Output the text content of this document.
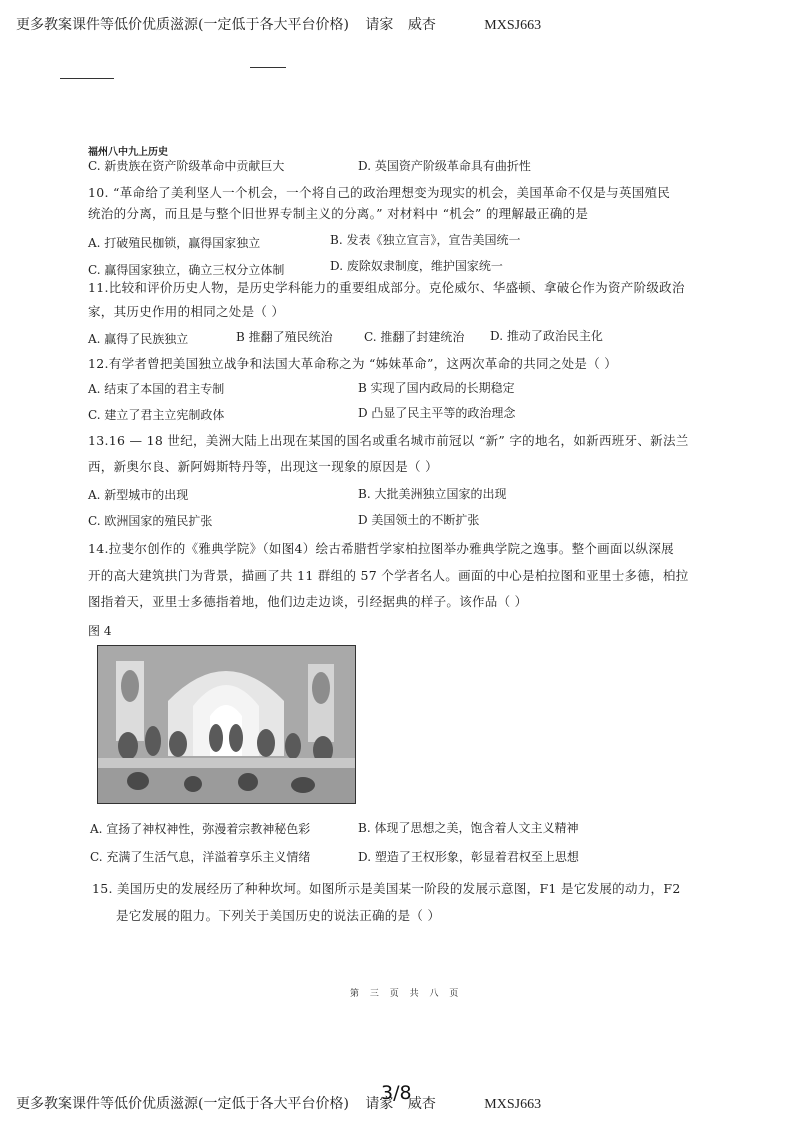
更多教案课件等低价优质滋源(一定低于各大平台价格) 请家 威杏	MXSJ663
福州八中九上历史
C. 新贵族在资产阶级革命中贡献巨大	D. 英国资产阶级革命具有曲折性
10. “革命给了美利坚人一个机会，一个将自己的政治理想变为现实的机会，美国革命不仅是与英国殖民
统治的分离，而且是与整个旧世界专制主义的分离。” 对材料中 “机会” 的理解最正确的是
A. 打破殖民枷锁，赢得国家独立	B. 发表《独立宣言》，宣告美国统一
C. 赢得国家独立，确立三权分立体制	D. 废除奴隶制度，维护国家统一
11.比较和评价历史人物，是历史学科能力的重要组成部分。克伦威尔、华盛顿、拿破仑作为资产阶级政治
家，其历史作用的相同之处是（ ）
A. 赢得了民族独立	B 推翻了殖民统治	C. 推翻了封建统治 D. 推动了政治民主化
12.有学者曾把美国独立战争和法国大革命称之为 “姊妹革命”，这两次革命的共同之处是（ ）
A. 结束了本国的君主专制	B 实现了国内政局的长期稳定
C. 建立了君主立宪制政体	D 凸显了民主平等的政治理念
13.16 — 18 世纪，美洲大陆上出现在某国的国名或重名城市前冠以 “新” 字的地名，如新西班牙、新法兰
西，新奥尔良、新阿姆斯特丹等，出现这一现象的原因是（ ）
A. 新型城市的出现	B. 大批美洲独立国家的出现
C. 欧洲国家的殖民扩张	D 美国领土的不断扩张
14.拉斐尔创作的《雅典学院》（如图4）绘古希腊哲学家柏拉图举办雅典学院之逸事。整个画面以纵深展
开的高大建筑拱门为背景，描画了共 11 群组的 57 个学者名人。画面的中心是柏拉图和亚里士多德，柏拉
图指着天，亚里士多德指着地，他们边走边谈，引经据典的样子。该作品（ ）
图 4
A. 宣扬了神权神性，弥漫着宗教神秘色彩	B. 体现了思想之美，饱含着人文主义精神
C. 充满了生活气息，洋溢着享乐主义情绪	D. 塑造了王权形象，彰显着君权至上思想
15. 美国历史的发展经历了种种坎坷。如图所示是美国某一阶段的发展示意图，F1 是它发展的动力，F2
是它发展的阻力。下列关于美国历史的说法正确的是（ ）
第 三 页 共 八 页
更多教案课件等低价优质滋源(一定低于各大平台价格) 请家 威杏	MXSJ663
3/8
